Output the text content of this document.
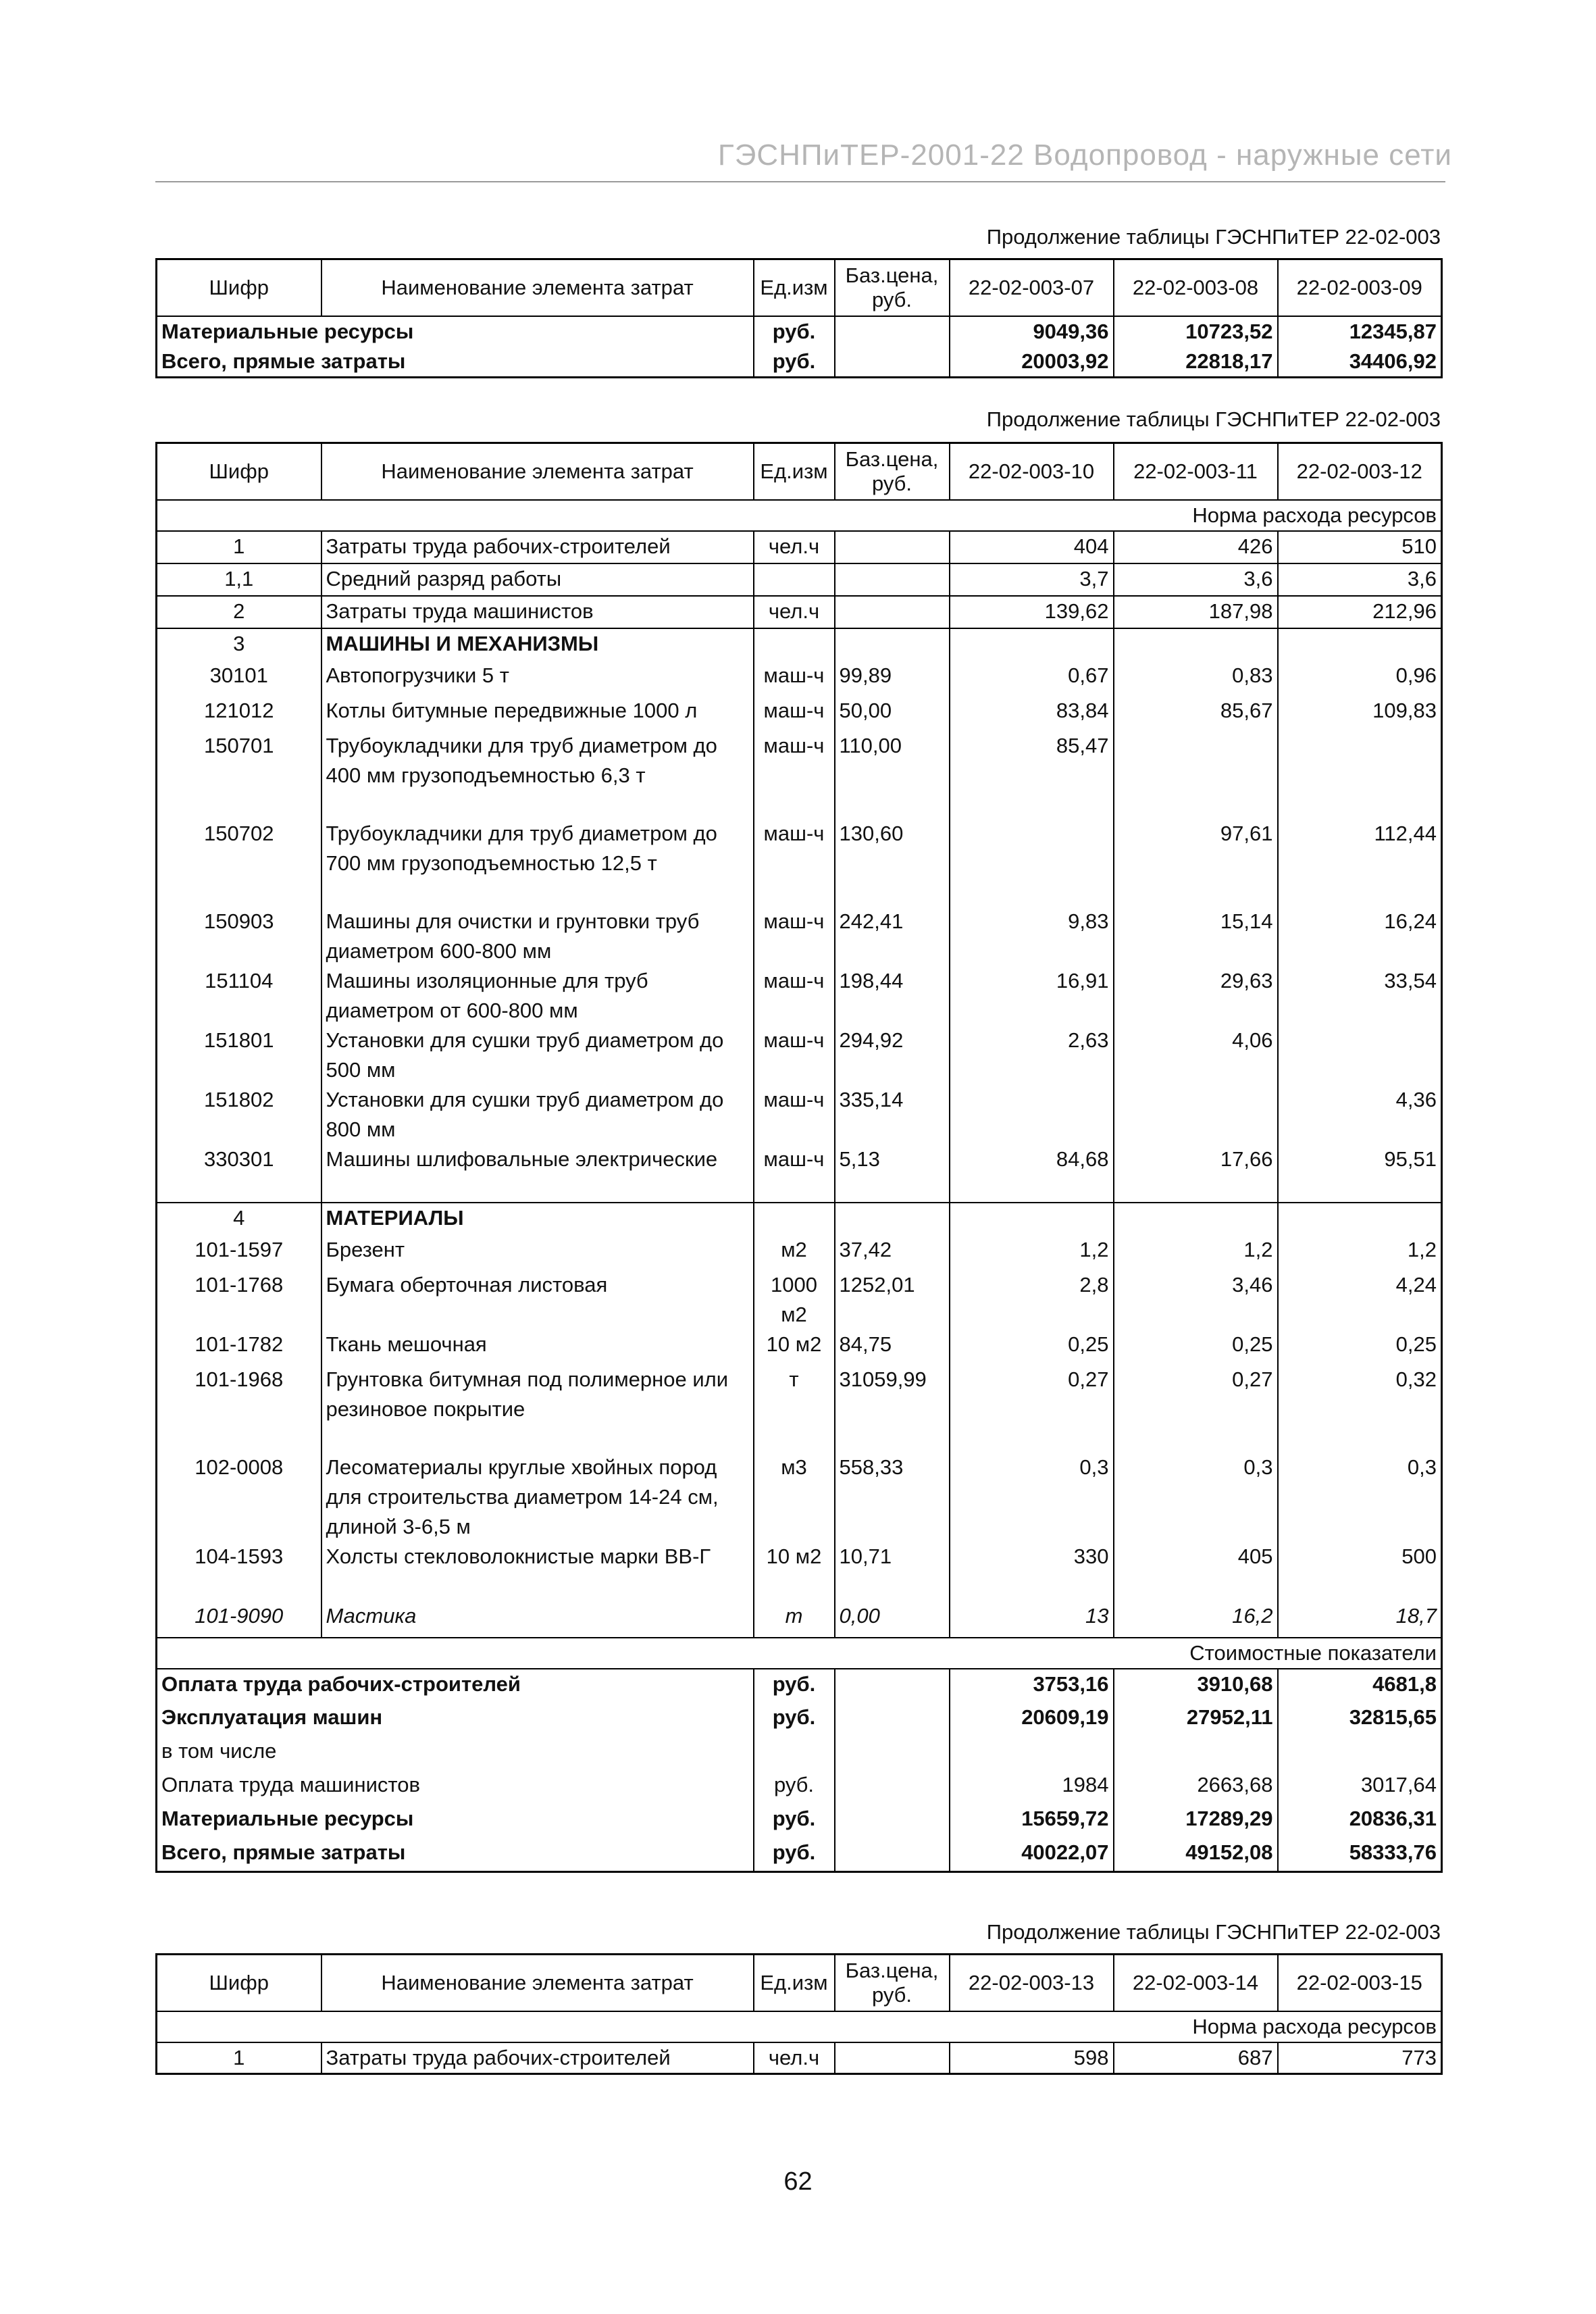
ГЭСНПиТЕР-2001-22 Водопровод - наружные сети
Продолжение таблицы ГЭСНПиТЕР 22-02-003
Шифр	Наименование элемента затрат	Ед.изм	Баз.цена, руб.	22-02-003-07	22-02-003-08	22-02-003-09
Материальные ресурсы		руб.		9049,36	10723,52	12345,87
Всего, прямые затраты		руб.		20003,92	22818,17	34406,92
Продолжение таблицы ГЭСНПиТЕР 22-02-003
Шифр	Наименование элемента затрат	Ед.изм	Баз.цена, руб.	22-02-003-10	22-02-003-11	22-02-003-12
Норма расхода ресурсов						
1	Затраты труда рабочих-строителей	чел.ч		404	426	510
1,1	Средний разряд работы			3,7	3,6	3,6
2	Затраты труда машинистов	чел.ч		139,62	187,98	212,96
3	МАШИНЫ И МЕХАНИЗМЫ					
30101	Автопогрузчики 5 т	маш-ч	99,89	0,67	0,83	0,96
121012	Котлы битумные передвижные 1000 л	маш-ч	50,00	83,84	85,67	109,83
150701	Трубоукладчики для труб диаметром до 400 мм грузоподъемностью 6,3 т	маш-ч	110,00	85,47		
150702	Трубоукладчики для труб диаметром до 700 мм грузоподъемностью 12,5 т	маш-ч	130,60		97,61	112,44
150903	Машины для очистки и грунтовки труб диаметром 600-800 мм	маш-ч	242,41	9,83	15,14	16,24
151104	Машины изоляционные для труб диаметром от 600-800 мм	маш-ч	198,44	16,91	29,63	33,54
151801	Установки для сушки труб диаметром до 500 мм	маш-ч	294,92	2,63	4,06	
151802	Установки для сушки труб диаметром до 800 мм	маш-ч	335,14			4,36
330301	Машины шлифовальные электрические	маш-ч	5,13	84,68	17,66	95,51
4	МАТЕРИАЛЫ					
101-1597	Брезент	м2	37,42	1,2	1,2	1,2
101-1768	Бумага оберточная листовая	1000 м2	1252,01	2,8	3,46	4,24
101-1782	Ткань мешочная	10 м2	84,75	0,25	0,25	0,25
101-1968	Грунтовка битумная под полимерное или резиновое покрытие	т	31059,99	0,27	0,27	0,32
102-0008	Лесоматериалы круглые хвойных пород для строительства диаметром 14-24 см, длиной 3-6,5 м	м3	558,33	0,3	0,3	0,3
104-1593	Холсты стекловолокнистые марки ВВ-Г	10 м2	10,71	330	405	500
101-9090	Мастика	т	0,00	13	16,2	18,7
Стоимостные показатели						
Оплата труда рабочих-строителей		руб.		3753,16	3910,68	4681,8
Эксплуатация машин		руб.		20609,19	27952,11	32815,65
в том числе						
Оплата труда машинистов		руб.		1984	2663,68	3017,64
Материальные ресурсы		руб.		15659,72	17289,29	20836,31
Всего, прямые затраты		руб.		40022,07	49152,08	58333,76
Продолжение таблицы ГЭСНПиТЕР 22-02-003
Шифр	Наименование элемента затрат	Ед.изм	Баз.цена, руб.	22-02-003-13	22-02-003-14	22-02-003-15
Норма расхода ресурсов						
1	Затраты труда рабочих-строителей	чел.ч		598	687	773
62
